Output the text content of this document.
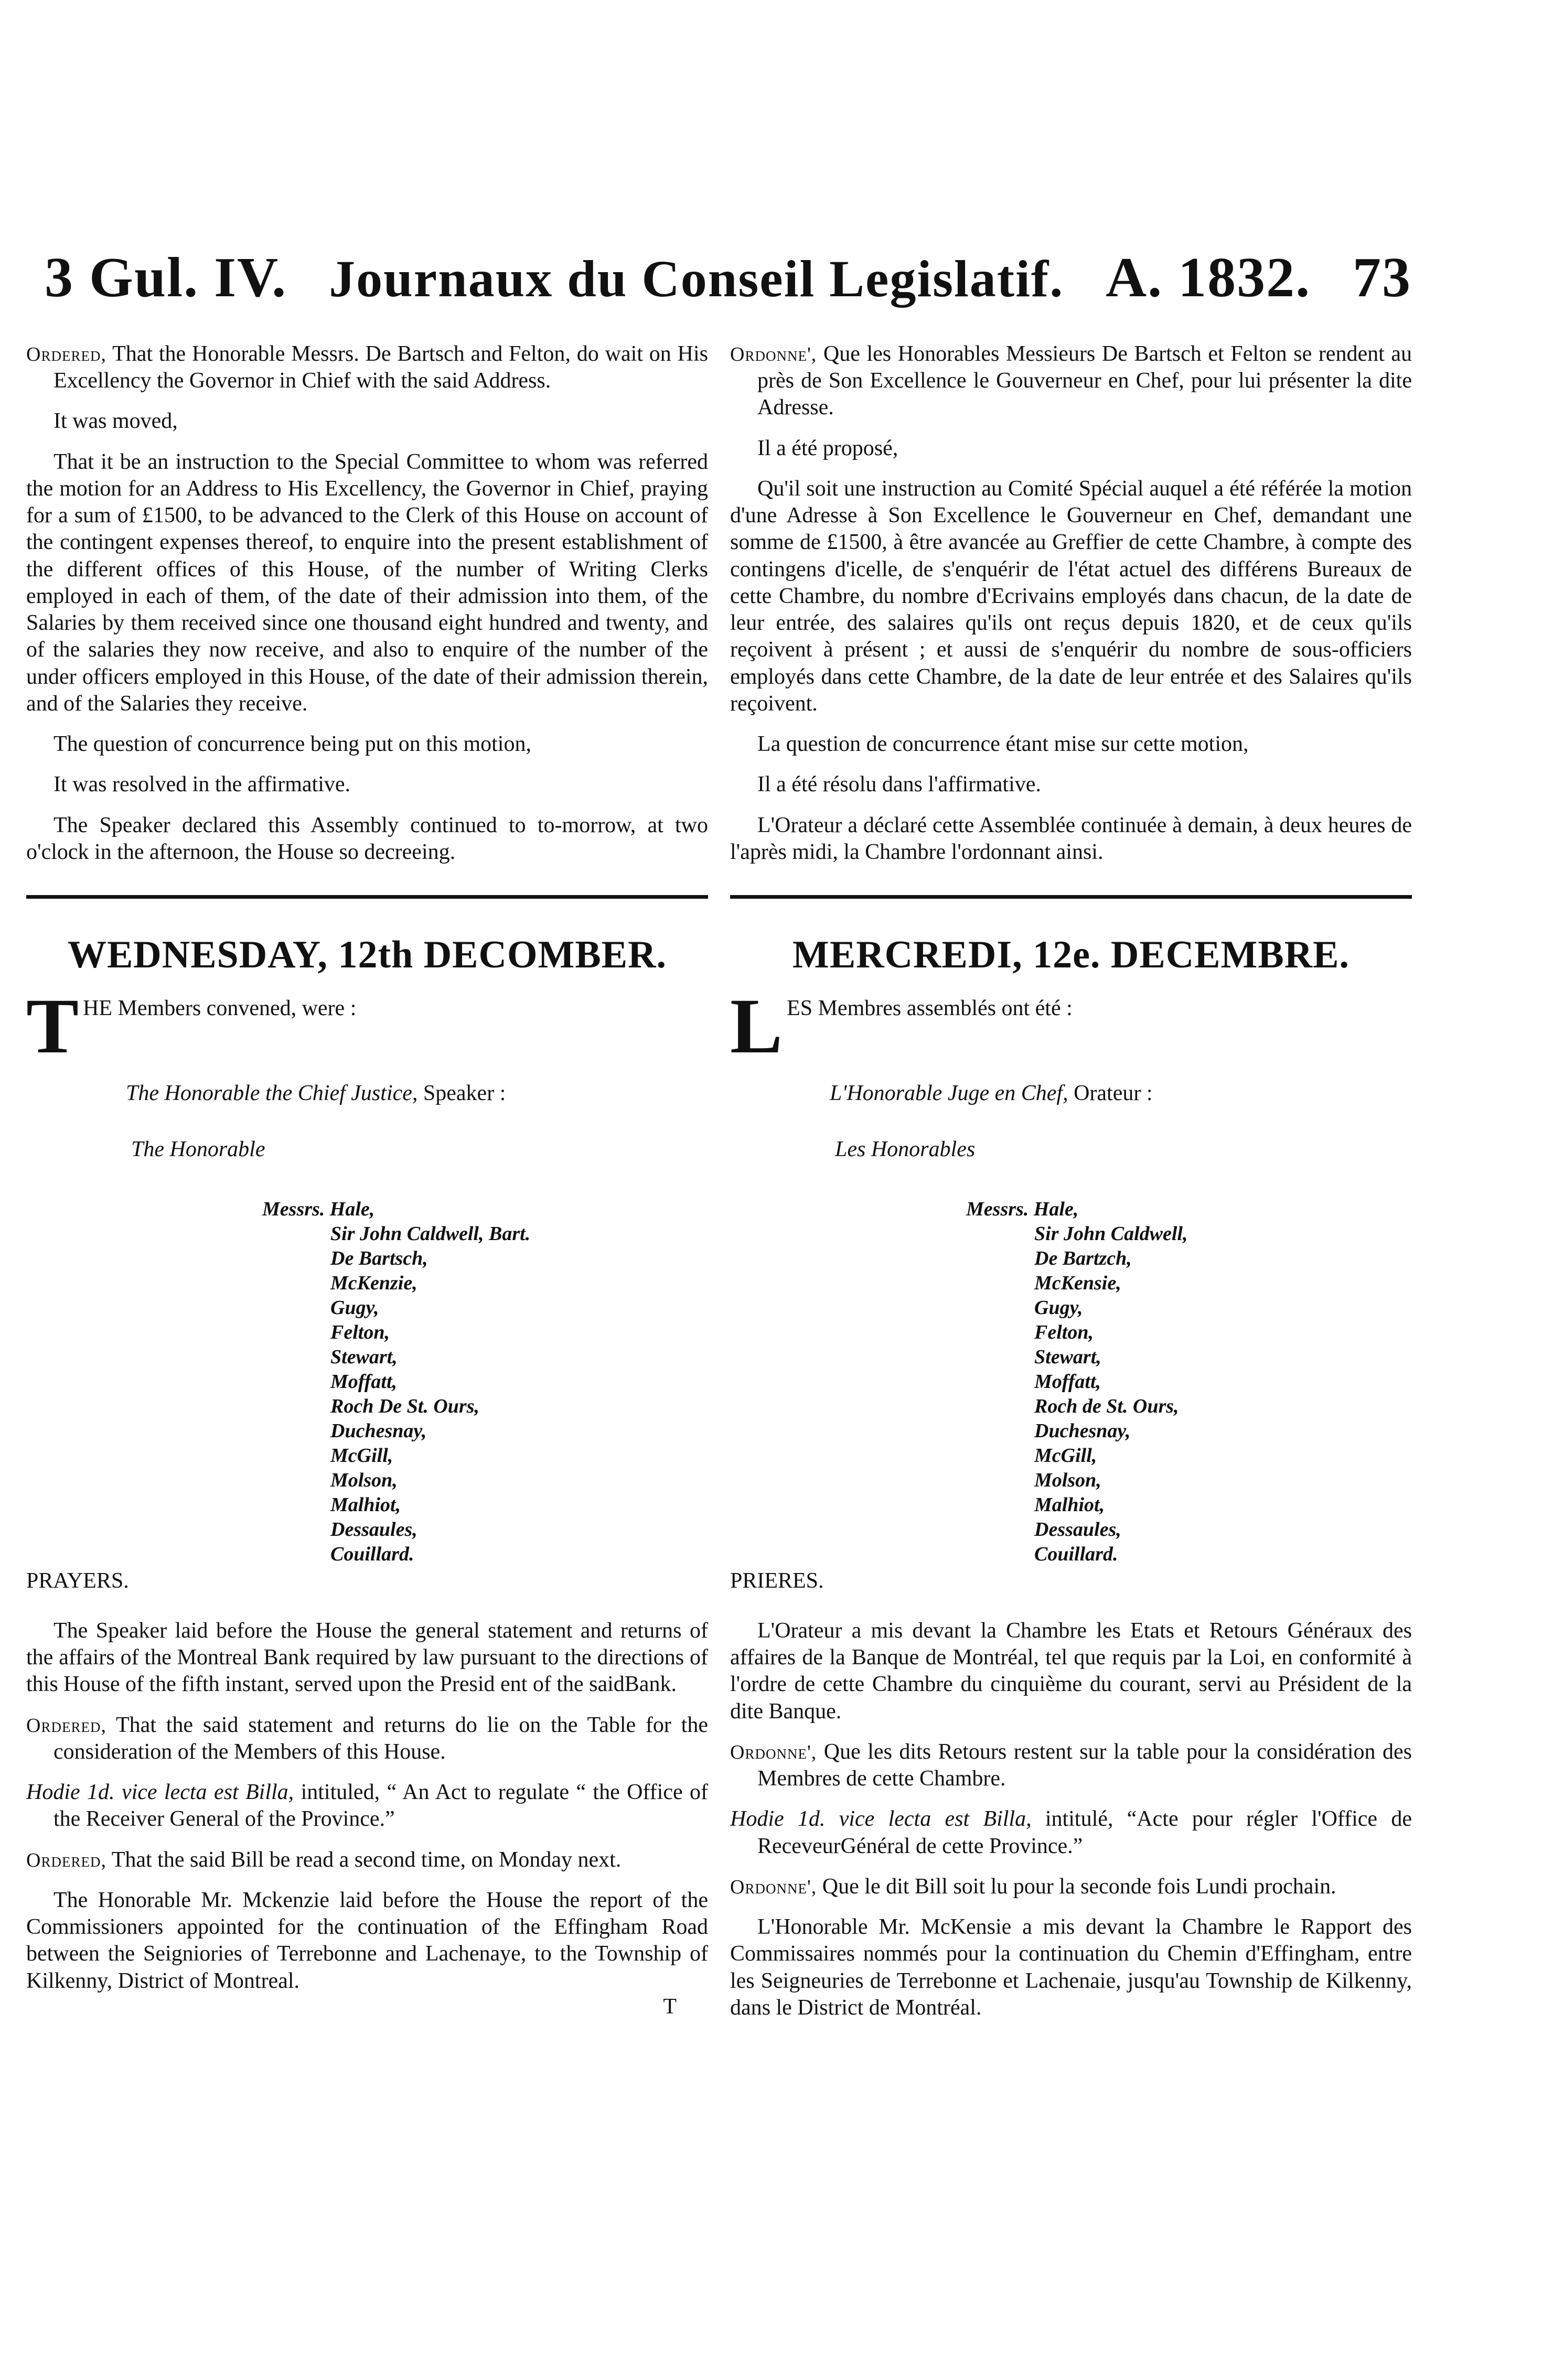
3 Gul. IV. Journaux du Conseil Legislatif. A. 1832. 73

Ordered, That the Honorable Messrs. De Bartsch and Felton, do wait on His Excellency the Governor in Chief with the said Address.

It was moved,

That it be an instruction to the Special Committee to whom was referred the motion for an Address to His Excellency, the Governor in Chief, praying for a sum of £1500, to be advanced to the Clerk of this House on account of the contingent expenses thereof, to enquire into the present establishment of the different offices of this House, of the number of Writing Clerks employed in each of them, of the date of their admission into them, of the Salaries by them received since one thousand eight hundred and twenty, and of the salaries they now receive, and also to enquire of the number of the under officers employed in this House, of the date of their admission therein, and of the Salaries they receive.

The question of concurrence being put on this motion,

It was resolved in the affirmative.

The Speaker declared this Assembly continued to to-morrow, at two o'clock in the afternoon, the House so decreeing.

WEDNESDAY, 12th DECOMBER.
THE Members convened, were :
The Honorable the Chief Justice, Speaker :
The Honorable
Messrs. Hale,
Sir John Caldwell, Bart.
De Bartsch,
McKenzie,
Gugy,
Felton,
Stewart,
Moffatt,
Roch De St. Ours,
Duchesnay,
McGill,
Molson,
Malhiot,
Dessaules,
Couillard.
PRAYERS.

The Speaker laid before the House the general statement and returns of the affairs of the Montreal Bank required by law pursuant to the directions of this House of the fifth instant, served upon the Presid ent of the saidBank.

Ordered, That the said statement and returns do lie on the Table for the consideration of the Members of this House.

Hodie 1d. vice lecta est Billa, intituled, “ An Act to regulate “ the Office of the Receiver General of the Province.”

Ordered, That the said Bill be read a second time, on Monday next.

The Honorable Mr. Mckenzie laid before the House the report of the Commissioners appointed for the continuation of the Effingham Road between the Seigniories of Terrebonne and Lachenaye, to the Township of Kilkenny, District of Montreal.

T

Ordonne', Que les Honorables Messieurs De Bartsch et Felton se rendent au près de Son Excellence le Gouverneur en Chef, pour lui présenter la dite Adresse.

Il a été proposé,

Qu'il soit une instruction au Comité Spécial auquel a été référée la motion d'une Adresse à Son Excellence le Gouverneur en Chef, demandant une somme de £1500, à être avancée au Greffier de cette Chambre, à compte des contingens d'icelle, de s'enquérir de l'état actuel des différens Bureaux de cette Chambre, du nombre d'Ecrivains employés dans chacun, de la date de leur entrée, des salaires qu'ils ont reçus depuis 1820, et de ceux qu'ils reçoivent à présent ; et aussi de s'enquérir du nombre de sous-officiers employés dans cette Chambre, de la date de leur entrée et des Salaires qu'ils reçoivent.

La question de concurrence étant mise sur cette motion,

Il a été résolu dans l'affirmative.

L'Orateur a déclaré cette Assemblée continuée à demain, à deux heures de l'après midi, la Chambre l'ordonnant ainsi.

MERCREDI, 12e. DECEMBRE.
LES Membres assemblés ont été :
L'Honorable Juge en Chef, Orateur :
Les Honorables
Messrs. Hale,
Sir John Caldwell,
De Bartzch,
McKensie,
Gugy,
Felton,
Stewart,
Moffatt,
Roch de St. Ours,
Duchesnay,
McGill,
Molson,
Malhiot,
Dessaules,
Couillard.
PRIERES.

L'Orateur a mis devant la Chambre les Etats et Retours Généraux des affaires de la Banque de Montréal, tel que requis par la Loi, en conformité à l'ordre de cette Chambre du cinquième du courant, servi au Président de la dite Banque.

Ordonne', Que les dits Retours restent sur la table pour la considération des Membres de cette Chambre.

Hodie 1d. vice lecta est Billa, intitulé, “Acte pour régler l'Office de ReceveurGénéral de cette Province.”

Ordonne', Que le dit Bill soit lu pour la seconde fois Lundi prochain.

L'Honorable Mr. McKensie a mis devant la Chambre le Rapport des Commissaires nommés pour la continuation du Chemin d'Effingham, entre les Seigneuries de Terrebonne et Lachenaie, jusqu'au Township de Kilkenny, dans le District de Montréal.
